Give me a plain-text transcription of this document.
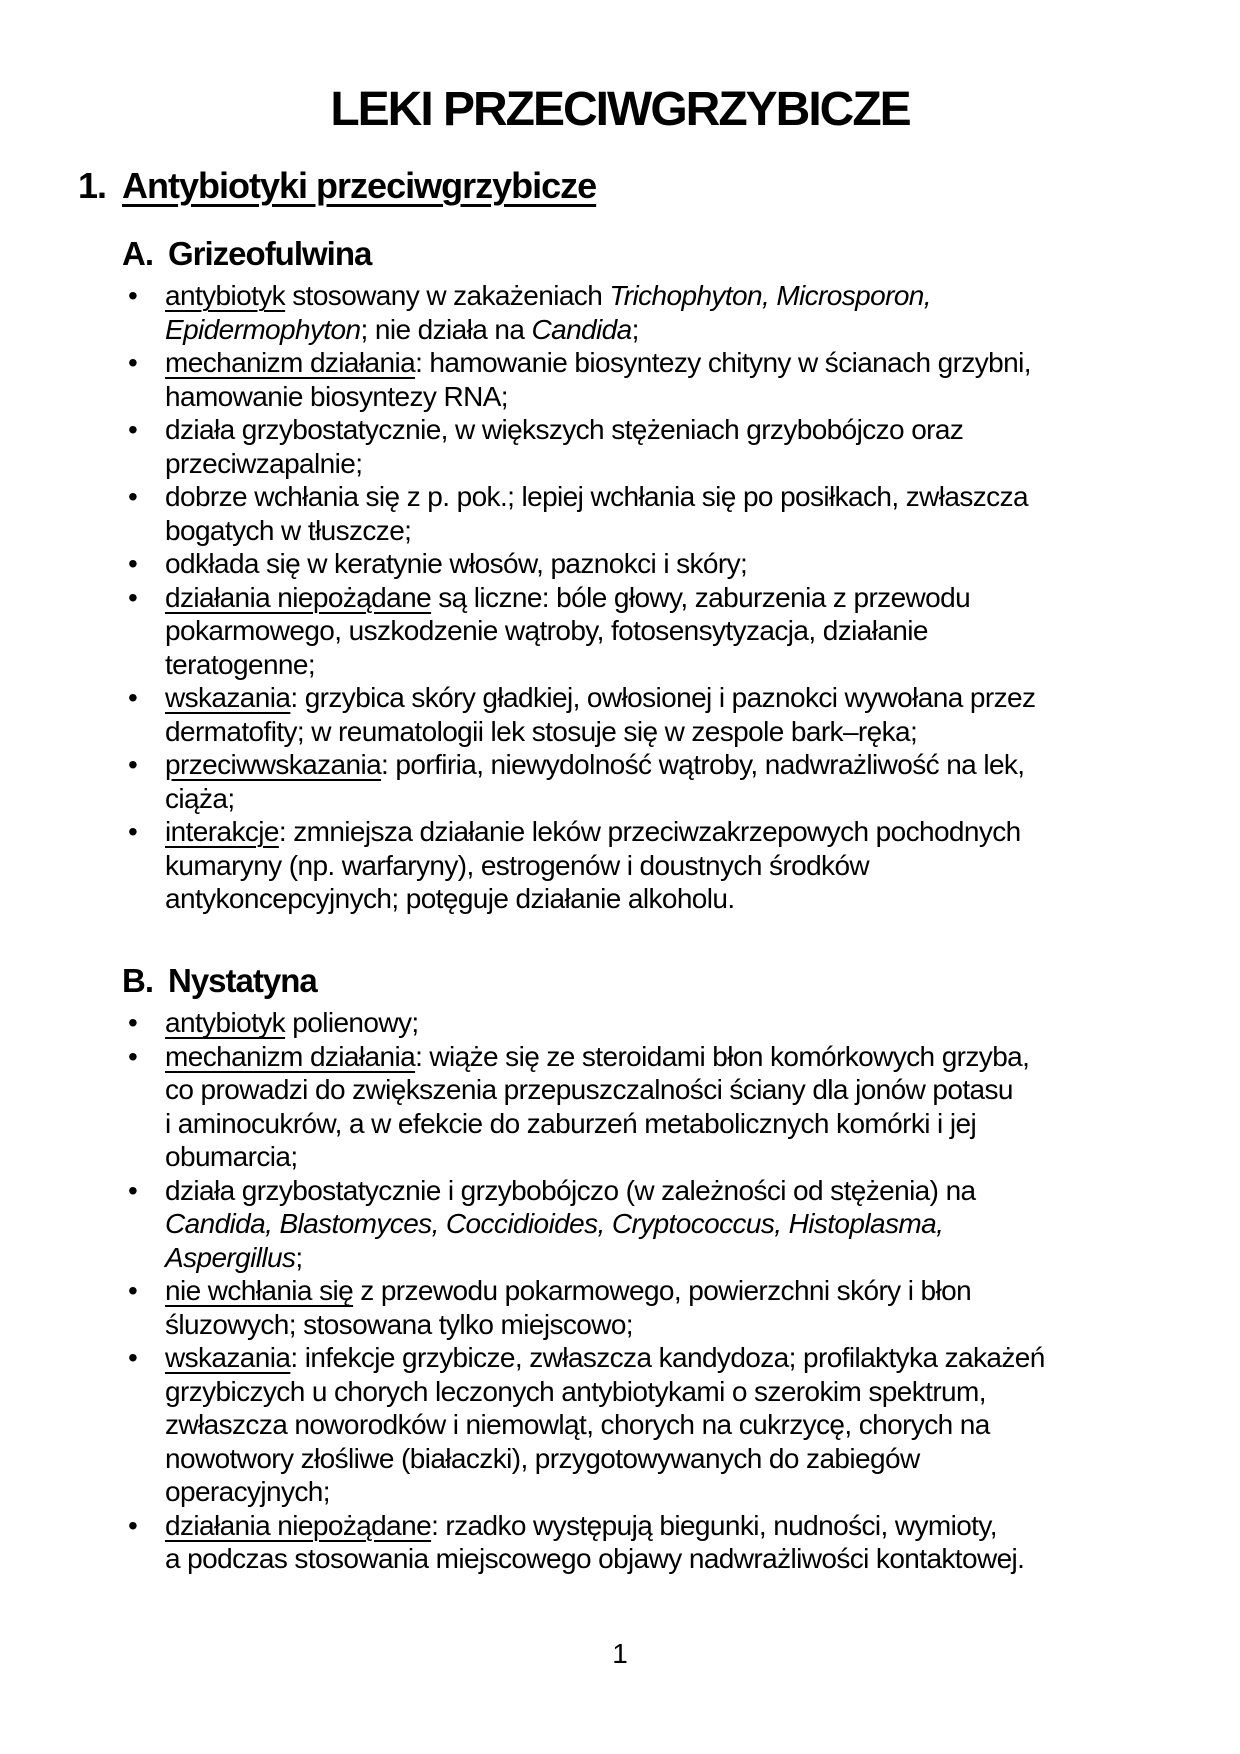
LEKI PRZECIWGRZYBICZE
1. Antybiotyki przeciwgrzybicze
A. Grizeofulwina
• antybiotyk stosowany w zakażeniach Trichophyton, Microsporon,
Epidermophyton; nie działa na Candida;
• mechanizm działania: hamowanie biosyntezy chityny w ścianach grzybni,
hamowanie biosyntezy RNA;
• działa grzybostatycznie, w większych stężeniach grzybobójczo oraz
przeciwzapalnie;
• dobrze wchłania się z p. pok.; lepiej wchłania się po posiłkach, zwłaszcza
bogatych w tłuszcze;
• odkłada się w keratynie włosów, paznokci i skóry;
• działania niepożądane są liczne: bóle głowy, zaburzenia z przewodu
pokarmowego, uszkodzenie wątroby, fotosensytyzacja, działanie
teratogenne;
• wskazania: grzybica skóry gładkiej, owłosionej i paznokci wywołana przez
dermatofity; w reumatologii lek stosuje się w zespole bark–ręka;
• przeciwwskazania: porfiria, niewydolność wątroby, nadwrażliwość na lek,
ciąża;
• interakcje: zmniejsza działanie leków przeciwzakrzepowych pochodnych
kumaryny (np. warfaryny), estrogenów i doustnych środków
antykoncepcyjnych; potęguje działanie alkoholu.
B. Nystatyna
• antybiotyk polienowy;
• mechanizm działania: wiąże się ze steroidami błon komórkowych grzyba,
co prowadzi do zwiększenia przepuszczalności ściany dla jonów potasu
i aminocukrów, a w efekcie do zaburzeń metabolicznych komórki i jej
obumarcia;
• działa grzybostatycznie i grzybobójczo (w zależności od stężenia) na
Candida, Blastomyces, Coccidioides, Cryptococcus, Histoplasma,
Aspergillus;
• nie wchłania się z przewodu pokarmowego, powierzchni skóry i błon
śluzowych; stosowana tylko miejscowo;
• wskazania: infekcje grzybicze, zwłaszcza kandydoza; profilaktyka zakażeń
grzybiczych u chorych leczonych antybiotykami o szerokim spektrum,
zwłaszcza noworodków i niemowląt, chorych na cukrzycę, chorych na
nowotwory złośliwe (białaczki), przygotowywanych do zabiegów
operacyjnych;
• działania niepożądane: rzadko występują biegunki, nudności, wymioty,
a podczas stosowania miejscowego objawy nadwrażliwości kontaktowej.
1
